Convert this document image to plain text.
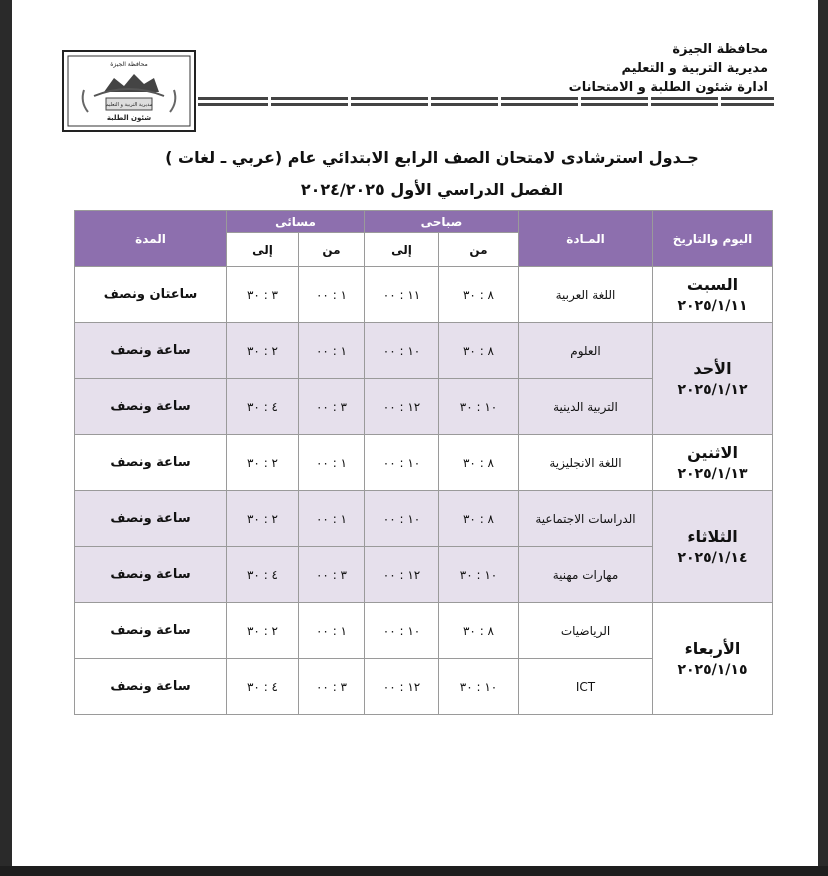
محافظة الجيزة
مديرية التربية و التعليم
شئون الطلبة
محافظة الجيزة
مديرية التربية و التعليم
ادارة شئون الطلبة و الامتحانات
جـدول استرشادى لامتحان الصف الرابع الابتدائي عام (عربي ـ لغات )
الفصل الدراسي الأول ٢٠٢٤/٢٠٢٥
المدة	مسائى		صباحى		المـادة	اليوم والتاريخ
	إلى	من	إلى	من		
ساعتان ونصف	٣ : ٣٠	١ : ٠٠	١١ : ٠٠	٨ : ٣٠	اللغة العربية	السبت
٢٠٢٥/١/١١

ساعة ونصف	٢ : ٣٠	١ : ٠٠	١٠ : ٠٠	٨ : ٣٠	العلوم	الأحد
٢٠٢٥/١/١٢

ساعة ونصف	٤ : ٣٠	٣ : ٠٠	١٢ : ٠٠	١٠ : ٣٠	التربية الدينية	
ساعة ونصف	٢ : ٣٠	١ : ٠٠	١٠ : ٠٠	٨ : ٣٠	اللغة الانجليزية	الاثنين
٢٠٢٥/١/١٣

ساعة ونصف	٢ : ٣٠	١ : ٠٠	١٠ : ٠٠	٨ : ٣٠	الدراسات الاجتماعية	الثلاثاء
٢٠٢٥/١/١٤

ساعة ونصف	٤ : ٣٠	٣ : ٠٠	١٢ : ٠٠	١٠ : ٣٠	مهارات مهنية	
ساعة ونصف	٢ : ٣٠	١ : ٠٠	١٠ : ٠٠	٨ : ٣٠	الرياضيات	الأربعاء
٢٠٢٥/١/١٥

ساعة ونصف	٤ : ٣٠	٣ : ٠٠	١٢ : ٠٠	١٠ : ٣٠	ICT	
